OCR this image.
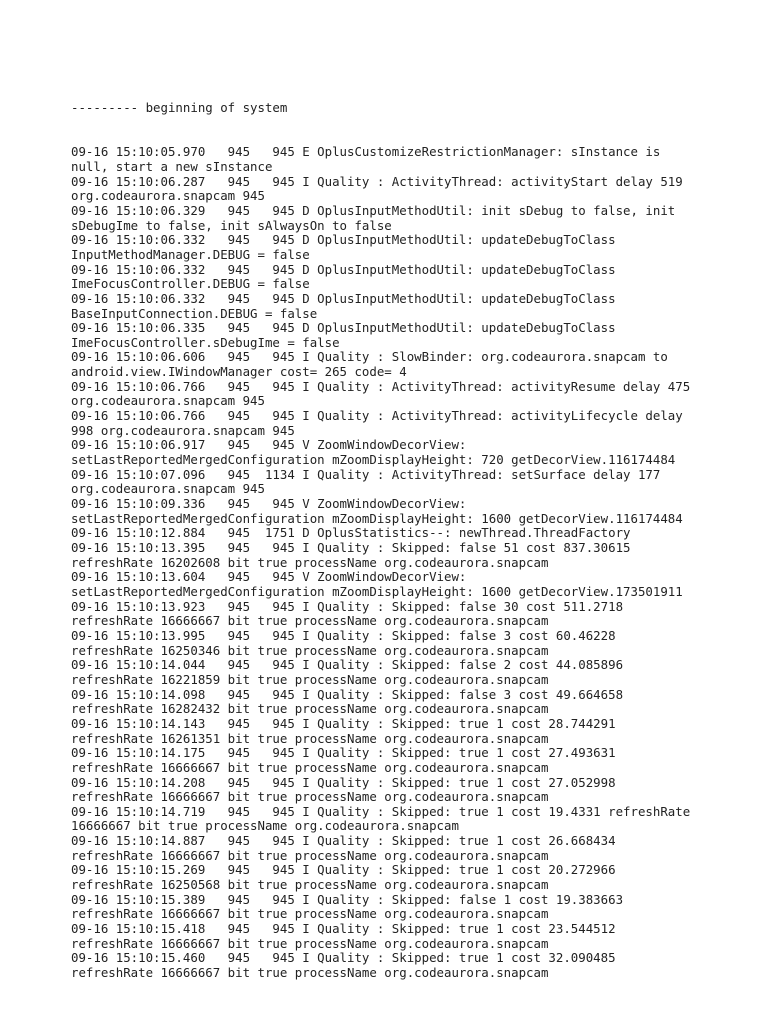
--------- beginning of system

09-16 15:10:05.970   945   945 E OplusCustomizeRestrictionManager: sInstance is
null, start a new sInstance
09-16 15:10:06.287   945   945 I Quality : ActivityThread: activityStart delay 519
org.codeaurora.snapcam 945
09-16 15:10:06.329   945   945 D OplusInputMethodUtil: init sDebug to false, init
sDebugIme to false, init sAlwaysOn to false
09-16 15:10:06.332   945   945 D OplusInputMethodUtil: updateDebugToClass
InputMethodManager.DEBUG = false
09-16 15:10:06.332   945   945 D OplusInputMethodUtil: updateDebugToClass
ImeFocusController.DEBUG = false
09-16 15:10:06.332   945   945 D OplusInputMethodUtil: updateDebugToClass
BaseInputConnection.DEBUG = false
09-16 15:10:06.335   945   945 D OplusInputMethodUtil: updateDebugToClass
ImeFocusController.sDebugIme = false
09-16 15:10:06.606   945   945 I Quality : SlowBinder: org.codeaurora.snapcam to
android.view.IWindowManager cost= 265 code= 4
09-16 15:10:06.766   945   945 I Quality : ActivityThread: activityResume delay 475
org.codeaurora.snapcam 945
09-16 15:10:06.766   945   945 I Quality : ActivityThread: activityLifecycle delay
998 org.codeaurora.snapcam 945
09-16 15:10:06.917   945   945 V ZoomWindowDecorView:
setLastReportedMergedConfiguration mZoomDisplayHeight: 720 getDecorView.116174484
09-16 15:10:07.096   945  1134 I Quality : ActivityThread: setSurface delay 177
org.codeaurora.snapcam 945
09-16 15:10:09.336   945   945 V ZoomWindowDecorView:
setLastReportedMergedConfiguration mZoomDisplayHeight: 1600 getDecorView.116174484
09-16 15:10:12.884   945  1751 D OplusStatistics--: newThread.ThreadFactory
09-16 15:10:13.395   945   945 I Quality : Skipped: false 51 cost 837.30615
refreshRate 16202608 bit true processName org.codeaurora.snapcam
09-16 15:10:13.604   945   945 V ZoomWindowDecorView:
setLastReportedMergedConfiguration mZoomDisplayHeight: 1600 getDecorView.173501911
09-16 15:10:13.923   945   945 I Quality : Skipped: false 30 cost 511.2718
refreshRate 16666667 bit true processName org.codeaurora.snapcam
09-16 15:10:13.995   945   945 I Quality : Skipped: false 3 cost 60.46228
refreshRate 16250346 bit true processName org.codeaurora.snapcam
09-16 15:10:14.044   945   945 I Quality : Skipped: false 2 cost 44.085896
refreshRate 16221859 bit true processName org.codeaurora.snapcam
09-16 15:10:14.098   945   945 I Quality : Skipped: false 3 cost 49.664658
refreshRate 16282432 bit true processName org.codeaurora.snapcam
09-16 15:10:14.143   945   945 I Quality : Skipped: true 1 cost 28.744291
refreshRate 16261351 bit true processName org.codeaurora.snapcam
09-16 15:10:14.175   945   945 I Quality : Skipped: true 1 cost 27.493631
refreshRate 16666667 bit true processName org.codeaurora.snapcam
09-16 15:10:14.208   945   945 I Quality : Skipped: true 1 cost 27.052998
refreshRate 16666667 bit true processName org.codeaurora.snapcam
09-16 15:10:14.719   945   945 I Quality : Skipped: true 1 cost 19.4331 refreshRate
16666667 bit true processName org.codeaurora.snapcam
09-16 15:10:14.887   945   945 I Quality : Skipped: true 1 cost 26.668434
refreshRate 16666667 bit true processName org.codeaurora.snapcam
09-16 15:10:15.269   945   945 I Quality : Skipped: true 1 cost 20.272966
refreshRate 16250568 bit true processName org.codeaurora.snapcam
09-16 15:10:15.389   945   945 I Quality : Skipped: false 1 cost 19.383663
refreshRate 16666667 bit true processName org.codeaurora.snapcam
09-16 15:10:15.418   945   945 I Quality : Skipped: true 1 cost 23.544512
refreshRate 16666667 bit true processName org.codeaurora.snapcam
09-16 15:10:15.460   945   945 I Quality : Skipped: true 1 cost 32.090485
refreshRate 16666667 bit true processName org.codeaurora.snapcam
